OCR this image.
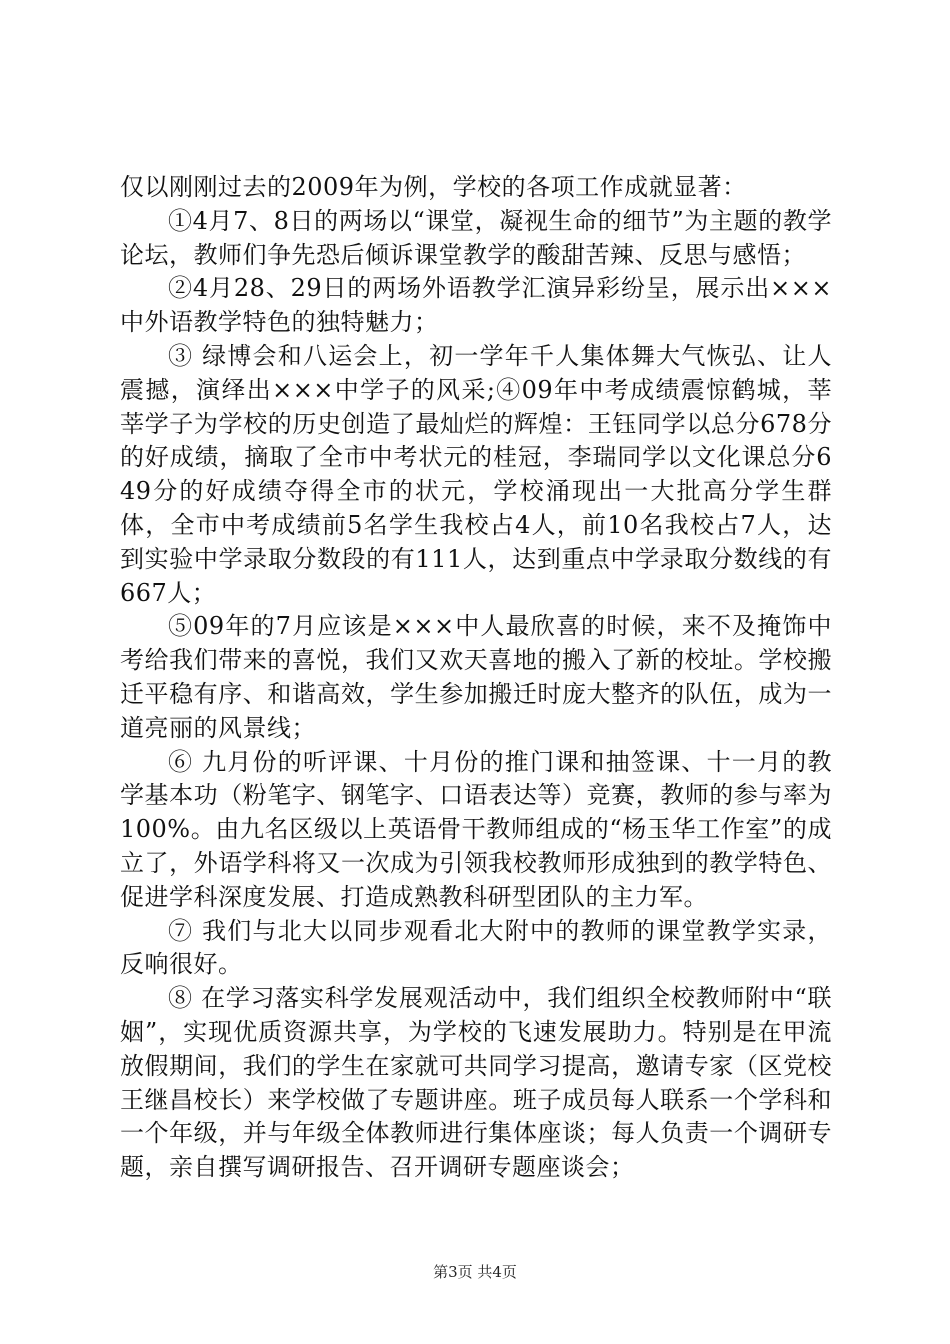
仅以刚刚过去的2009年为例，学校的各项工作成就显著：

①4月7、8日的两场以“课堂，凝视生命的细节”为主题的教学论坛，教师们争先恐后倾诉课堂教学的酸甜苦辣、反思与感悟；

②4月28、29日的两场外语教学汇演异彩纷呈，展示出×××中外语教学特色的独特魅力；

③ 绿博会和八运会上，初一学年千人集体舞大气恢弘、让人震撼，演绎出×××中学子的风采;④09年中考成绩震惊鹤城，莘莘学子为学校的历史创造了最灿烂的辉煌：王钰同学以总分678分的好成绩，摘取了全市中考状元的桂冠，李瑞同学以文化课总分649分的好成绩夺得全市的状元，学校涌现出一大批高分学生群体，全市中考成绩前5名学生我校占4人，前10名我校占7人，达到实验中学录取分数段的有111人，达到重点中学录取分数线的有667人；

⑤09年的7月应该是×××中人最欣喜的时候，来不及掩饰中考给我们带来的喜悦，我们又欢天喜地的搬入了新的校址。学校搬迁平稳有序、和谐高效，学生参加搬迁时庞大整齐的队伍，成为一道亮丽的风景线；

⑥ 九月份的听评课、十月份的推门课和抽签课、十一月的教学基本功（粉笔字、钢笔字、口语表达等）竞赛，教师的参与率为100%。由九名区级以上英语骨干教师组成的“杨玉华工作室”的成立了，外语学科将又一次成为引领我校教师形成独到的教学特色、促进学科深度发展、打造成熟教科研型团队的主力军。

⑦ 我们与北大以同步观看北大附中的教师的课堂教学实录，反响很好。

⑧ 在学习落实科学发展观活动中，我们组织全校教师附中“联姻”，实现优质资源共享，为学校的飞速发展助力。特别是在甲流放假期间，我们的学生在家就可共同学习提高，邀请专家（区党校王继昌校长）来学校做了专题讲座。班子成员每人联系一个学科和一个年级，并与年级全体教师进行集体座谈；每人负责一个调研专题，亲自撰写调研报告、召开调研专题座谈会；

第3页 共4页
